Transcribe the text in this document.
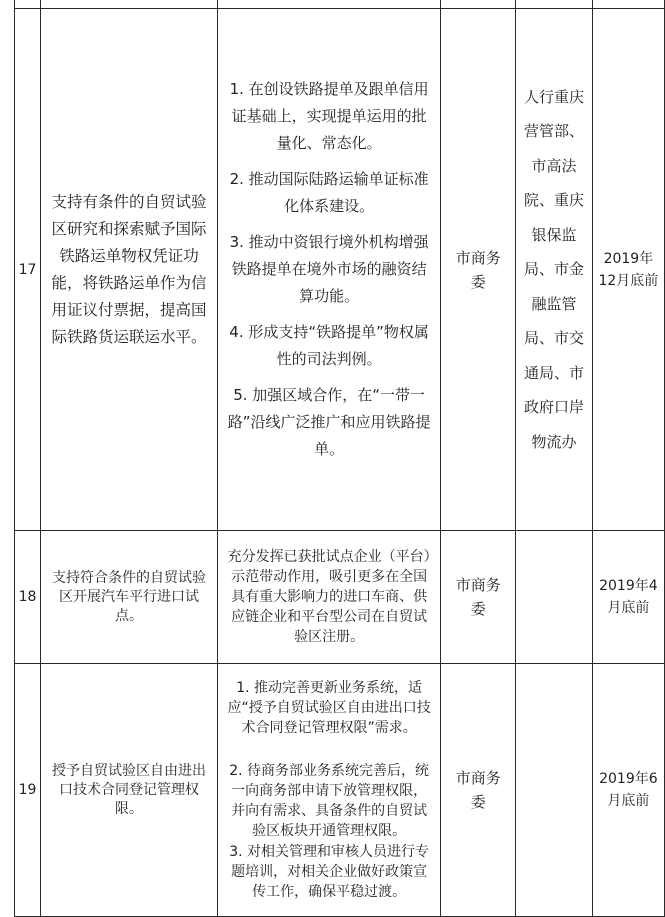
17	支持有条件的自贸试验区研究和探索赋予国际铁路运单物权凭证功能，将铁路运单作为信用证议付票据，提高国际铁路货运联运水平。	1. 在创设铁路提单及跟单信用证基础上，实现提单运用的批量化、常态化。

2. 推动国际陆路运输单证标准化体系建设。

3. 推动中资银行境外机构增强铁路提单在境外市场的融资结算功能。

4. 形成支持“铁路提单”物权属性的司法判例。

5. 加强区域合作，在“一带一路”沿线广泛推广和应用铁路提单。	市商务委	人行重庆营管部、市高法院、重庆银保监局、市金融监管局、市交通局、市政府口岸物流办	2019年12月底前
18	支持符合条件的自贸试验区开展汽车平行进口试点。	充分发挥已获批试点企业（平台）示范带动作用，吸引更多在全国具有重大影响力的进口车商、供应链企业和平台型公司在自贸试验区注册。	市商务委		2019年4月底前
19	授予自贸试验区自由进出口技术合同登记管理权限。	1. 推动完善更新业务系统，适应“授予自贸试验区自由进出口技术合同登记管理权限”需求。

2. 待商务部业务系统完善后，统一向商务部申请下放管理权限，并向有需求、具备条件的自贸试验区板块开通管理权限。

3. 对相关管理和审核人员进行专题培训，对相关企业做好政策宣传工作，确保平稳过渡。	市商务委		2019年6月底前
